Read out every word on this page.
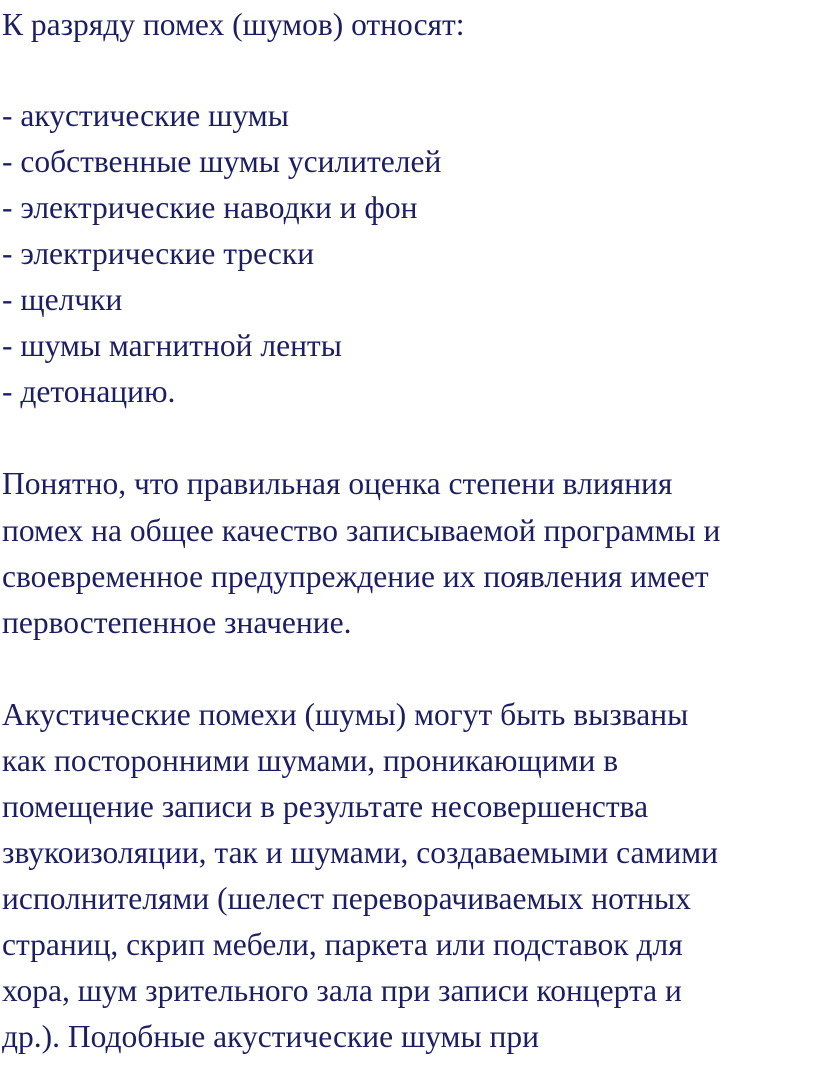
К разряду помех (шумов) относят:
- акустические шумы
- собственные шумы усилителей
- электрические наводки и фон
- электрические трески
- щелчки
- шумы магнитной ленты
- детонацию.
Понятно, что правильная оценка степени влияния
помех на общее качество записываемой программы и
своевременное предупреждение их появления имеет
первостепенное значение.
Акустические помехи (шумы) могут быть вызваны
как посторонними шумами, проникающими в
помещение записи в результате несовершенства
звукоизоляции, так и шумами, создаваемыми самими
исполнителями (шелест переворачиваемых нотных
страниц, скрип мебели, паркета или подставок для
хора, шум зрительного зала при записи концерта и
др.). Подобные акустические шумы при
